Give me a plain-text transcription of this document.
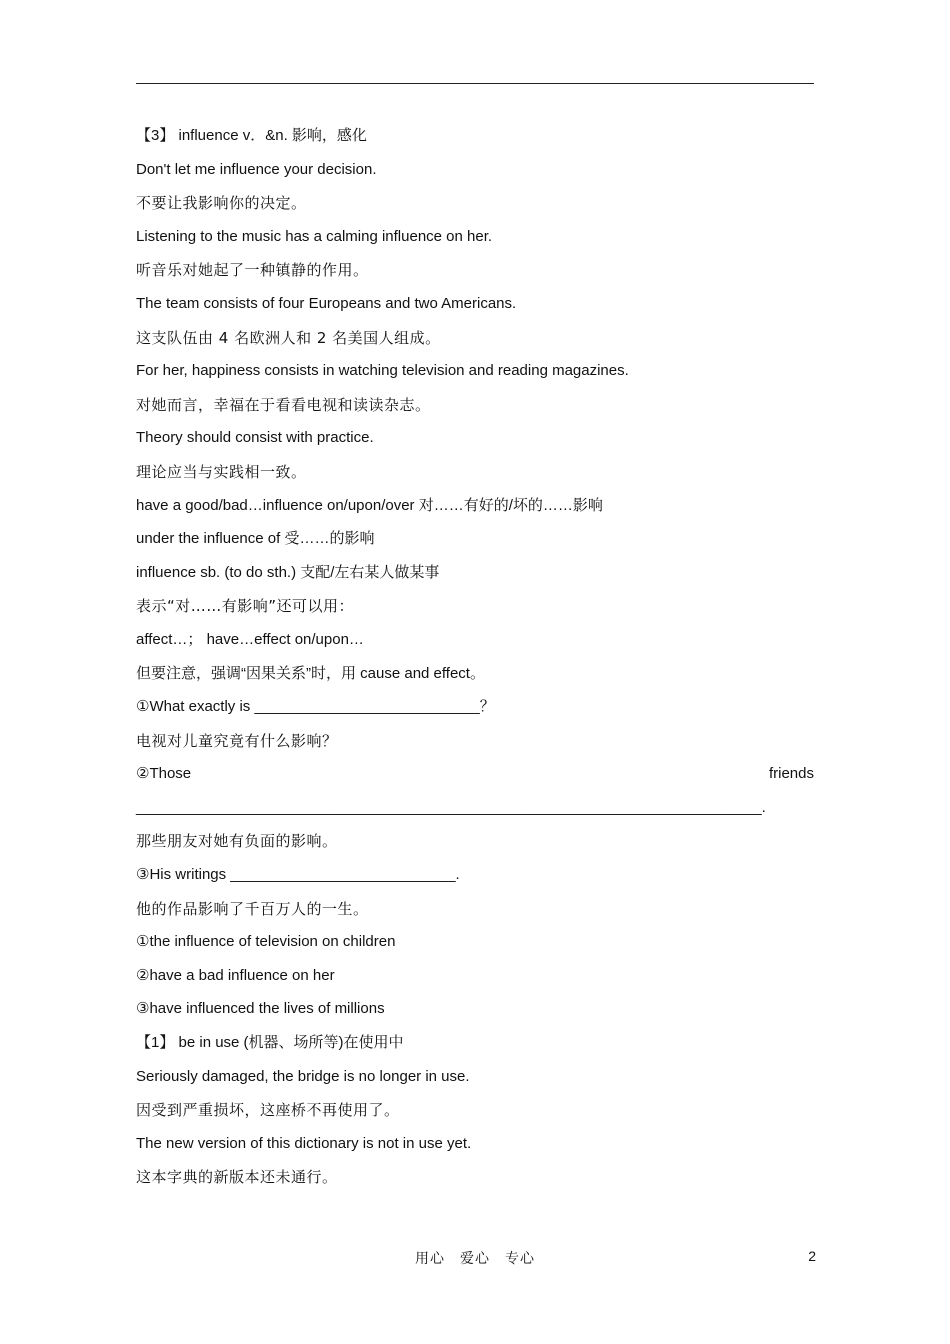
【3】 influence v．&n. 影响，感化
Don't let me influence your decision.
不要让我影响你的决定。
Listening to the music has a calming influence on her.
听音乐对她起了一种镇静的作用。
The team consists of four Europeans and two Americans.
这支队伍由 4 名欧洲人和 2 名美国人组成。
For her, happiness consists in watching television and reading magazines.
对她而言，幸福在于看看电视和读读杂志。
Theory should consist with practice.
理论应当与实践相一致。
have a good/bad…influence on/upon/over 对……有好的/坏的……影响
under the influence of 受……的影响
influence sb. (to do sth.) 支配/左右某人做某事
表示“对……有影响”还可以用：
affect…； have…effect on/upon…
但要注意，强调“因果关系”时，用 cause and effect。
①What exactly is ___________________________？
电视对儿童究竟有什么影响？
②Those	friends
___________________________________________________________________________.
那些朋友对她有负面的影响。
③His writings ___________________________.
他的作品影响了千百万人的一生。
①the influence of television on children
②have a bad influence on her
③have influenced the lives of millions
【1】 be in use (机器、场所等)在使用中
Seriously damaged, the bridge is no longer in use.
因受到严重损坏，这座桥不再使用了。
The new version of this dictionary is not in use yet.
这本字典的新版本还未通行。
用心　爱心　专心	2
